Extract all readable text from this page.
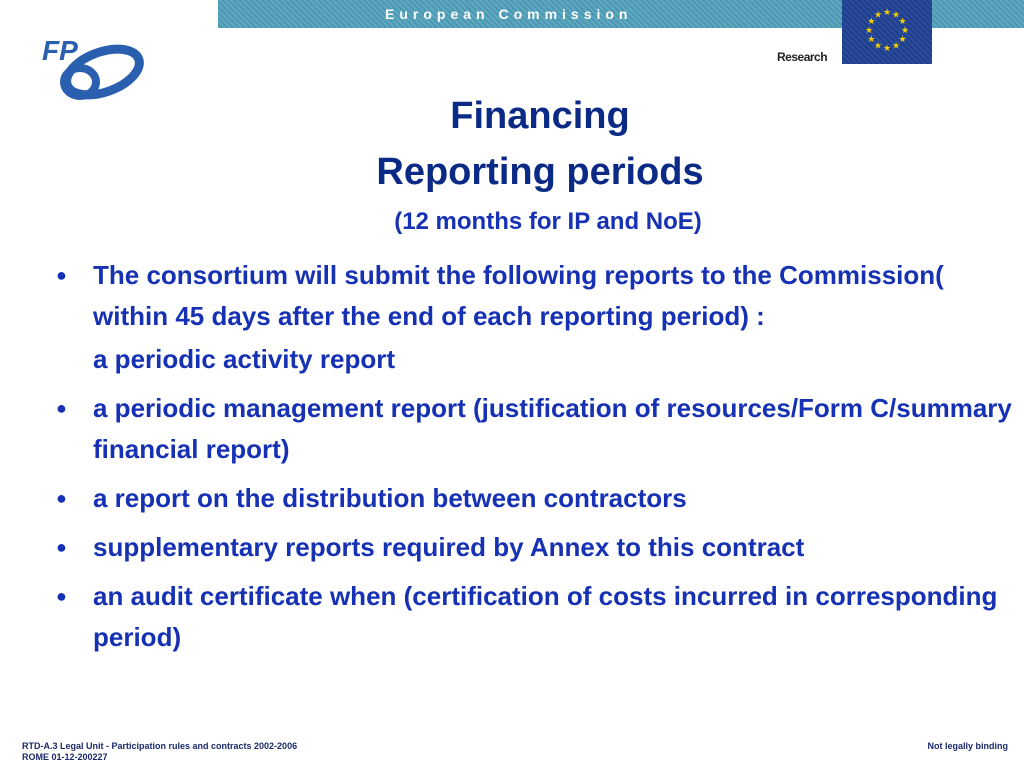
European Commission	★ ★
★
★
★
★
★
★
★
★
★
★
Research
FP
Financing
Reporting periods
(12 months for IP and NoE)
● The consortium will submit the following reports to the Commission( within 45 days after the end of each reporting period) :
a periodic activity report
● a periodic management report (justification of resources/Form C/summary financial report)
● a report on the distribution between contractors
● supplementary reports required by Annex to this contract
● an audit certificate when (certification of costs incurred in corresponding period)
RTD-A.3 Legal Unit - Participation rules and contracts 2002-2006
ROME 01-12-200227
Not legally binding
